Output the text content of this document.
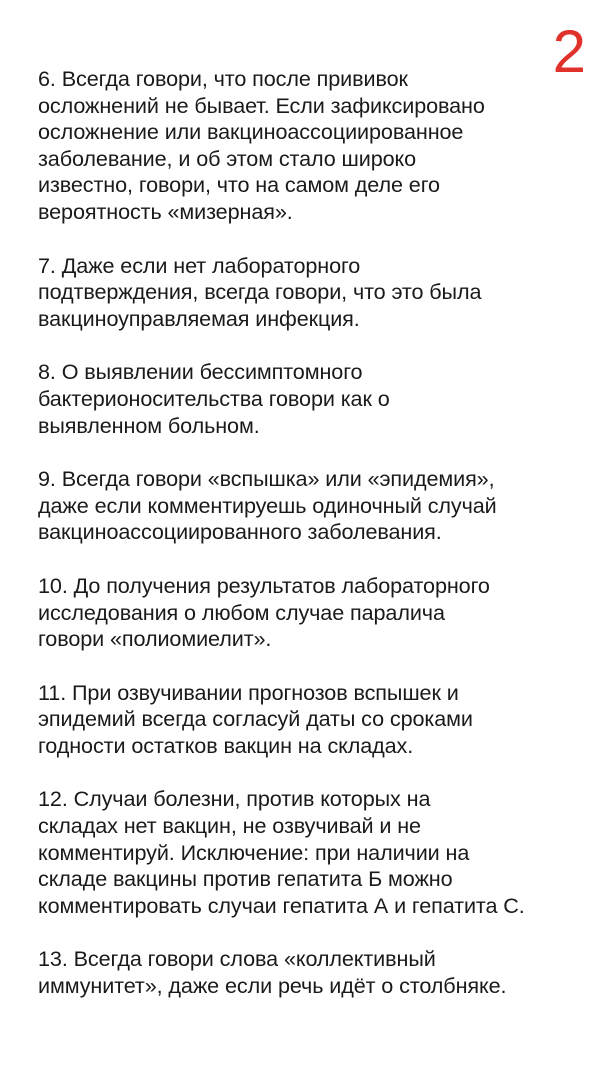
2
6. Всегда говори, что после прививок
осложнений не бывает. Если зафиксировано
осложнение или вакциноассоциированное
заболевание, и об этом стало широко
известно, говори, что на самом деле его
вероятность «мизерная».
7. Даже если нет лабораторного
подтверждения, всегда говори, что это была
вакциноуправляемая инфекция.
8. О выявлении бессимптомного
бактерионосительства говори как о
выявленном больном.
9. Всегда говори «вспышка» или «эпидемия»,
даже если комментируешь одиночный случай
вакциноассоциированного заболевания.
10. До получения результатов лабораторного
исследования о любом случае паралича
говори «полиомиелит».
11. При озвучивании прогнозов вспышек и
эпидемий всегда согласуй даты со сроками
годности остатков вакцин на складах.
12. Случаи болезни, против которых на
складах нет вакцин, не озвучивай и не
комментируй. Исключение: при наличии на
складе вакцины против гепатита Б можно
комментировать случаи гепатита А и гепатита С.
13. Всегда говори слова «коллективный
иммунитет», даже если речь идёт о столбняке.
